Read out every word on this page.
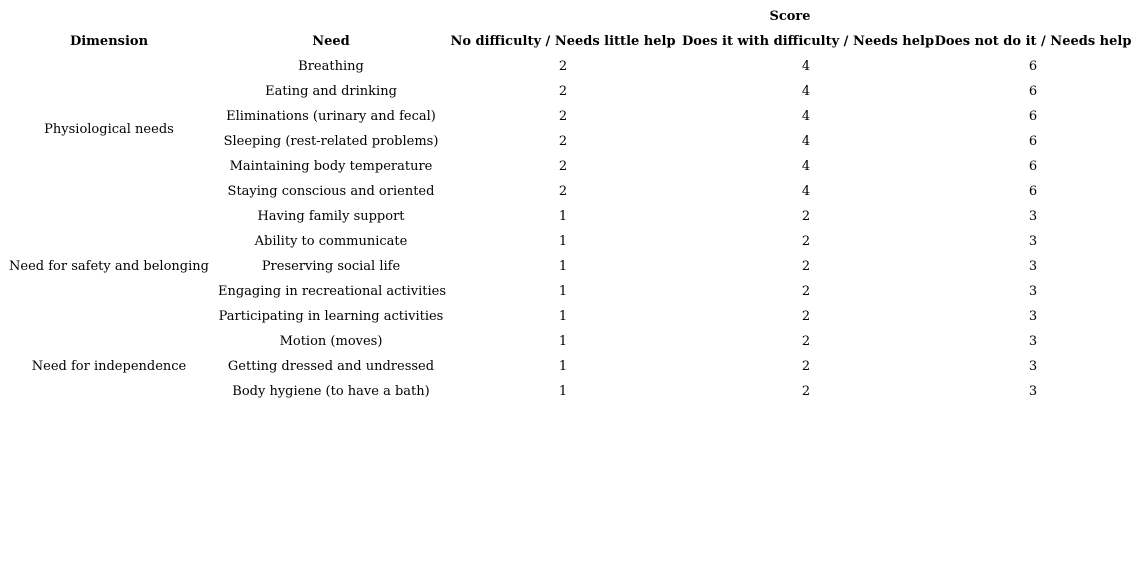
		Score		
Dimension	Need	No difficulty / Needs little help	Does it with difficulty / Needs help	Does not do it / Needs help
Physiological needs	Breathing	2	4	6
	Eating and drinking	2	4	6
	Eliminations (urinary and fecal)	2	4	6
	Sleeping (rest-related problems)	2	4	6
	Maintaining body temperature	2	4	6
	Staying conscious and oriented	2	4	6
Need for safety and belonging	Having family support	1	2	3
	Ability to communicate	1	2	3
	Preserving social life	1	2	3
	Engaging in recreational activities	1	2	3
	Participating in learning activities	1	2	3
Need for independence	Motion (moves)	1	2	3
	Getting dressed and undressed	1	2	3
	Body hygiene (to have a bath)	1	2	3
